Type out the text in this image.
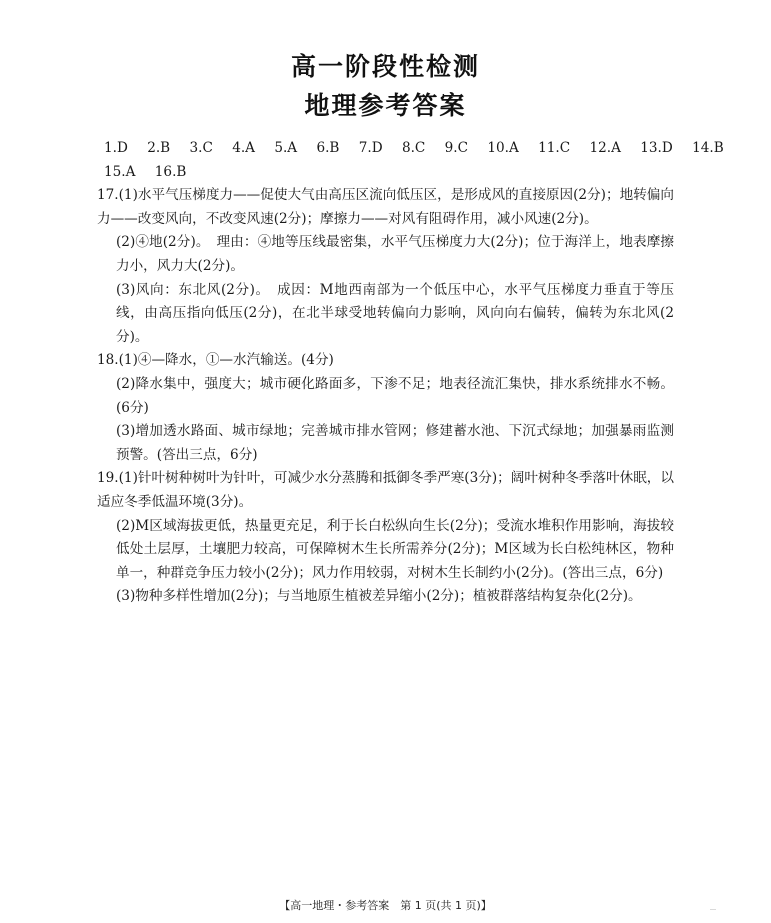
高一阶段性检测
地理参考答案
1.D 2.B 3.C 4.A 5.A 6.B 7.D 8.C 9.C 10.A 11.C 12.A 13.D 14.B
15.A 16.B
17.(1)水平气压梯度力——促使大气由高压区流向低压区，是形成风的直接原因(2分)；地转偏向力——改变风向，不改变风速(2分)；摩擦力——对风有阻碍作用，减小风速(2分)。
(2)④地(2分)。　理由：④地等压线最密集，水平气压梯度力大(2分)；位于海洋上，地表摩擦力小，风力大(2分)。
(3)风向：东北风(2分)。　成因：M地西南部为一个低压中心，水平气压梯度力垂直于等压线，由高压指向低压(2分)，在北半球受地转偏向力影响，风向向右偏转，偏转为东北风(2分)。
18.(1)④—降水，①—水汽输送。(4分)
(2)降水集中，强度大；城市硬化路面多，下渗不足；地表径流汇集快，排水系统排水不畅。(6分)
(3)增加透水路面、城市绿地；完善城市排水管网；修建蓄水池、下沉式绿地；加强暴雨监测预警。(答出三点，6分)
19.(1)针叶树种树叶为针叶，可减少水分蒸腾和抵御冬季严寒(3分)；阔叶树种冬季落叶休眠，以适应冬季低温环境(3分)。
(2)M区域海拔更低，热量更充足，利于长白松纵向生长(2分)；受流水堆积作用影响，海拔较低处土层厚，土壤肥力较高，可保障树木生长所需养分(2分)；M区域为长白松纯林区，物种单一，种群竞争压力较小(2分)；风力作用较弱，对树木生长制约小(2分)。(答出三点，6分)
(3)物种多样性增加(2分)；与当地原生植被差异缩小(2分)；植被群落结构复杂化(2分)。
【高一地理・参考答案　第 1 页(共 1 页)】	…
